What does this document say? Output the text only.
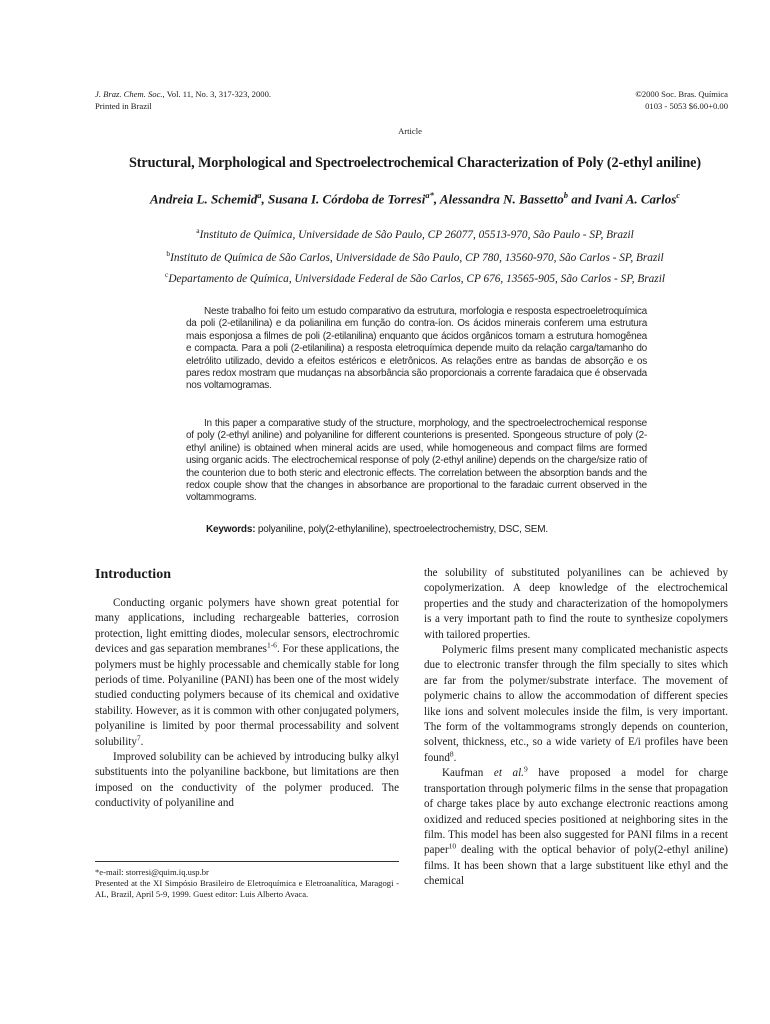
J. Braz. Chem. Soc., Vol. 11, No. 3, 317-323, 2000.
Printed in Brazil
©2000 Soc. Bras. Química
0103 - 5053 $6.00+0.00
Article
Structural, Morphological and Spectroelectrochemical Characterization of Poly (2-ethyl aniline)
Andreia L. Schemid$^a$, Susana I. Córdoba de Torresi$^{a*}$, Alessandra N. Bassetto$^b$ and Ivani A. Carlos$^c$
$^a$Instituto de Química, Universidade de São Paulo, CP 26077, 05513-970, São Paulo - SP, Brazil
$^b$Instituto de Química de São Carlos, Universidade de São Paulo, CP 780, 13560-970, São Carlos - SP, Brazil
$^c$Departamento de Química, Universidade Federal de São Carlos, CP 676, 13565-905, São Carlos - SP, Brazil

Neste trabalho foi feito um estudo comparativo da estrutura, morfologia e resposta espectroeletroquímica da poli (2-etilanilina) e da polianilina em função do contra-íon. Os ácidos minerais conferem uma estrutura mais esponjosa a filmes de poli (2-etilanilina) enquanto que ácidos orgânicos tomam a estrutura homogênea e compacta. Para a poli (2-etilanilina) a resposta eletroquímica depende muito da relação carga/tamanho do eletrólito utilizado, devido a efeitos estéricos e eletrônicos. As relações entre as bandas de absorção e os pares redox mostram que mudanças na absorbância são proporcionais a corrente faradaica que é observada nos voltamogramas.

In this paper a comparative study of the structure, morphology, and the spectroelectrochemical response of poly (2-ethyl aniline) and polyaniline for different counterions is presented. Spongeous structure of poly (2-ethyl aniline) is obtained when mineral acids are used, while homogeneous and compact films are formed using organic acids. The electrochemical response of poly (2-ethyl aniline) depends on the charge/size ratio of the counterion due to both steric and electronic effects. The correlation between the absorption bands and the redox couple show that the changes in absorbance are proportional to the faradaic current observed in the voltammograms.

Keywords: polyaniline, poly(2-ethylaniline), spectroelectrochemistry, DSC, SEM.
Introduction

Conducting organic polymers have shown great potential for many applications, including rechargeable batteries, corrosion protection, light emitting diodes, molecular sensors, electrochromic devices and gas separation membranes$^{1-6}$. For these applications, the polymers must be highly processable and chemically stable for long periods of time. Polyaniline (PANI) has been one of the most widely studied conducting polymers because of its chemical and oxidative stability. However, as it is common with other conjugated polymers, polyaniline is limited by poor thermal processability and solvent solubility$^7$.

Improved solubility can be achieved by introducing bulky alkyl substituents into the polyaniline backbone, but limitations are then imposed on the conductivity of the polymer produced. The conductivity of polyaniline and

the solubility of substituted polyanilines can be achieved by copolymerization. A deep knowledge of the electrochemical properties and the study and characterization of the homopolymers is a very important path to find the route to synthesize copolymers with tailored properties.

Polymeric films present many complicated mechanistic aspects due to electronic transfer through the film specially to sites which are far from the polymer/substrate interface. The movement of polymeric chains to allow the accommodation of different species like ions and solvent molecules inside the film, is very important. The form of the voltammograms strongly depends on counterion, solvent, thickness, etc., so a wide variety of E/i profiles have been found$^8$.

Kaufman et al.$^9$ have proposed a model for charge transportation through polymeric films in the sense that propagation of charge takes place by auto exchange electronic reactions among oxidized and reduced species positioned at neighboring sites in the film. This model has been also suggested for PANI films in a recent paper$^{10}$ dealing with the optical behavior of poly(2-ethyl aniline) films. It has been shown that a large substituent like ethyl and the chemical

*e-mail: storresi@quim.iq.usp.br

Presented at the XI Simpósio Brasileiro de Eletroquímica e Eletroanalítica, Maragogi - AL, Brazil, April 5-9, 1999. Guest editor: Luis Alberto Avaca.
